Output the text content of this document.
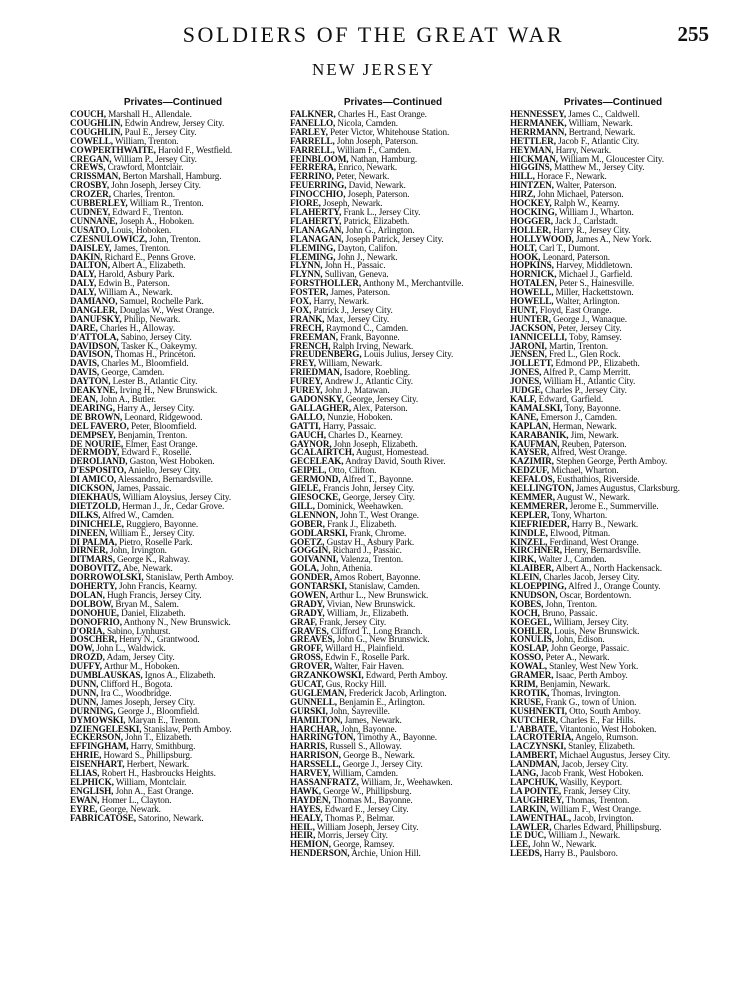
SOLDIERS OF THE GREAT WAR	255
NEW JERSEY
Privates—Continued
COUCH, Marshall H., Allendale.
COUGHLIN, Edwin Andrew, Jersey City.
COUGHLIN, Paul E., Jersey City.
COWELL, William, Trenton.
COWPERTHWAITE, Harold F., Westfield.
CREGAN, William P., Jersey City.
CREWS, Crawford, Montclair.
CRISSMAN, Berton Marshall, Hamburg.
CROSBY, John Joseph, Jersey City.
CROZER, Charles, Trenton.
CUBBERLEY, William R., Trenton.
CUDNEY, Edward F., Trenton.
CUNNANE, Joseph A., Hoboken.
CUSATO, Louis, Hoboken.
CZESNULOWICZ, John, Trenton.
DAISLEY, James, Trenton.
DAKIN, Richard E., Penns Grove.
DALTON, Albert A., Elizabeth.
DALY, Harold, Asbury Park.
DALY, Edwin B., Paterson.
DALY, William A., Newark.
DAMIANO, Samuel, Rochelle Park.
DANGLER, Douglas W., West Orange.
DANUFSKY, Philip, Newark.
DARE, Charles H., Alloway.
D'ATTOLA, Sabino, Jersey City.
DAVIDSON, Tasker K., Oakeymy.
DAVISON, Thomas H., Princeton.
DAVIS, Charles M., Bloomfield.
DAVIS, George, Camden.
DAYTON, Lester B., Atlantic City.
DEAKYNE, Irving H., New Brunswick.
DEAN, John A., Butler.
DEARING, Harry A., Jersey City.
DE BROWN, Leonard, Ridgewood.
DEL FAVERO, Peter, Bloomfield.
DEMPSEY, Benjamin, Trenton.
DE NOURIE, Elmer, East Orange.
DERMODY, Edward F., Roselle.
DEROLIAND, Gaston, West Hoboken.
D'ESPOSITO, Aniello, Jersey City.
DI AMICO, Alessandro, Bernardsville.
DICKSON, James, Passaic.
DIEKHAUS, William Aloysius, Jersey City.
DIETZOLD, Herman J., Jr., Cedar Grove.
DILKS, Alfred W., Camden.
DINICHELE, Ruggiero, Bayonne.
DINEEN, William E., Jersey City.
DI PALMA, Pietro, Roselle Park.
DIRNER, John, Irvington.
DITMARS, George K., Rahway.
DOBOVITZ, Abe, Newark.
DORROWOLSKI, Stanislaw, Perth Amboy.
DOHERTY, John Francis, Kearny.
DOLAN, Hugh Francis, Jersey City.
DOLBOW, Bryan M., Salem.
DONOHUE, Daniel, Elizabeth.
DONOFRIO, Anthony N., New Brunswick.
D'ORIA, Sabino, Lynhurst.
DOSCHER, Henry N., Grantwood.
DOW, John L., Waldwick.
DROZD, Adam, Jersey City.
DUFFY, Arthur M., Hoboken.
DUMBLAUSKAS, Ignos A., Elizabeth.
DUNN, Clifford H., Bogota.
DUNN, Ira C., Woodbridge.
DUNN, James Joseph, Jersey City.
DURNING, George J., Bloomfield.
DYMOWSKI, Maryan E., Trenton.
DZIENGELESKI, Stanislaw, Perth Amboy.
ECKERSON, John T., Elizabeth.
EFFINGHAM, Harry, Smithburg.
EHRIE, Howard S., Phillipsburg.
EISENHART, Herbert, Newark.
ELIAS, Robert H., Hasbroucks Heights.
ELPHICK, William, Montclair.
ENGLISH, John A., East Orange.
EWAN, Homer L., Clayton.
EYRE, George, Newark.
FABRICATOSE, Satorino, Newark.
Privates—Continued
FALKNER, Charles H., East Orange.
FANELLO, Nicola, Camden.
FARLEY, Peter Victor, Whitehouse Station.
FARRELL, John Joseph, Paterson.
FARRELL, William F., Camden.
FEINBLOOM, Nathan, Hamburg.
FERRERA, Enrico, Newark.
FERRINO, Peter, Newark.
FEUERRING, David, Newark.
FINOCCHIO, Joseph, Paterson.
FIORE, Joseph, Newark.
FLAHERTY, Frank L., Jersey City.
FLAHERTY, Patrick, Elizabeth.
FLANAGAN, John G., Arlington.
FLANAGAN, Joseph Patrick, Jersey City.
FLEMING, Dayton, Califon.
FLEMING, John J., Newark.
FLYNN, John H., Passaic.
FLYNN, Sullivan, Geneva.
FORSTHOLLER, Anthony M., Merchantville.
FOSTER, James, Paterson.
FOX, Harry, Newark.
FOX, Patrick J., Jersey City.
FRANK, Max, Jersey City.
FRECH, Raymond C., Camden.
FREEMAN, Frank, Bayonne.
FRENCH, Ralph Irving, Newark.
FREUDENBERG, Louis Julius, Jersey City.
FREY, William, Newark.
FRIEDMAN, Isadore, Roebling.
FUREY, Andrew J., Atlantic City.
FUREY, John J., Matawan.
GADONSKY, George, Jersey City.
GALLAGHER, Alex, Paterson.
GALLO, Nunzie, Hoboken.
GATTI, Harry, Passaic.
GAUCH, Charles D., Kearney.
GAYNOR, John Joseph, Elizabeth.
GCALAIRTCH, August, Homestead.
GECELEAK, Andray David, South River.
GEIPEL, Otto, Clifton.
GERMOND, Alfred T., Bayonne.
GIELE, Francis John, Jersey City.
GIESOCKE, George, Jersey City.
GILL, Dominick, Weehawken.
GLENNON, John T., West Orange.
GOBER, Frank J., Elizabeth.
GODLARSKI, Frank, Chrome.
GOETZ, Gustav H., Asbury Park.
GOGGIN, Richard J., Passaic.
GOIVANNI, Valenza, Trenton.
GOLA, John, Athenia.
GONDER, Amos Robert, Bayonne.
GONTARSKI, Stanislaw, Camden.
GOWEN, Arthur L., New Brunswick.
GRADY, Vivian, New Brunswick.
GRADY, William, Jr., Elizabeth.
GRAF, Frank, Jersey City.
GRAVES, Clifford T., Long Branch.
GREAVES, John G., New Brunswick.
GROFF, Willard H., Plainfield.
GROSS, Edwin F., Roselle Park.
GROVER, Walter, Fair Haven.
GRZANKOWSKI, Edward, Perth Amboy.
GUCAT, Gus, Rocky Hill.
GUGLEMAN, Frederick Jacob, Arlington.
GUNNELL, Benjamin E., Arlington.
GURSKI, John, Sayreville.
HAMILTON, James, Newark.
HARCHAR, John, Bayonne.
HARRINGTON, Timothy A., Bayonne.
HARRIS, Russell S., Alloway.
HARRISON, George B., Newark.
HARSSELL, George J., Jersey City.
HARVEY, William, Camden.
HASSANFRATZ, William, Jr., Weehawken.
HAWK, George W., Phillipsburg.
HAYDEN, Thomas M., Bayonne.
HAYES, Edward E., Jersey City.
HEALY, Thomas P., Belmar.
HEIL, William Joseph, Jersey City.
HEIR, Morris, Jersey City.
HEMION, George, Ramsey.
HENDERSON, Archie, Union Hill.
Privates—Continued
HENNESSEY, James C., Caldwell.
HERMANEK, William, Newark.
HERRMANN, Bertrand, Newark.
HETTLER, Jacob F., Atlantic City.
HEYMAN, Harry, Newark.
HICKMAN, William M., Gloucester City.
HIGGINS, Matthew M., Jersey City.
HILL, Horace F., Newark.
HINTZEN, Walter, Paterson.
HIRZ, John Michael, Paterson.
HOCKEY, Ralph W., Kearny.
HOCKING, William J., Wharton.
HOGGER, Jack J., Carlstadt.
HOLLER, Harry R., Jersey City.
HOLLYWOOD, James A., New York.
HOLT, Carl T., Dumont.
HOOK, Leonard, Paterson.
HOPKINS, Harvey, Middletown.
HORNICK, Michael J., Garfield.
HOTALEN, Peter S., Hainesville.
HOWELL, Miller, Hackettstown.
HOWELL, Walter, Arlington.
HUNT, Floyd, East Orange.
HUNTER, George J., Wanaque.
JACKSON, Peter, Jersey City.
IANNICELLI, Toby, Ramsey.
JARONI, Martin, Trenton.
JENSEN, Fred L., Glen Rock.
JOLLETT, Edmond PP., Elizabeth.
JONES, Alfred P., Camp Merritt.
JONES, William H., Atlantic City.
JUDGE, Charles P., Jersey City.
KALF, Edward, Garfield.
KAMALSKI, Tony, Bayonne.
KANE, Emerson J., Camden.
KAPLAN, Herman, Newark.
KARABANIK, Jim, Newark.
KAUFMAN, Reuben, Paterson.
KAYSER, Alfred, West Orange.
KAZIMIR, Stephen George, Perth Amboy.
KEDZUF, Michael, Wharton.
KEFALOS, Eusthathios, Riverside.
KELLINGTON, James Augustus, Clarksburg.
KEMMER, August W., Newark.
KEMMERER, Jerome E., Summerville.
KEPLER, Tony, Wharton.
KIEFRIEDER, Harry B., Newark.
KINDLE, Elwood, Pitman.
KINZEL, Ferdinand, West Orange.
KIRCHNER, Henry, Bernardsville.
KIRK, Walter J., Camden.
KLAIBER, Albert A., North Hackensack.
KLEIN, Charles Jacob, Jersey City.
KLOEPPING, Alfred J., Orange County.
KNUDSON, Oscar, Bordentown.
KOBES, John, Trenton.
KOCH, Bruno, Passaic.
KOEGEL, William, Jersey City.
KOHLER, Louis, New Brunswick.
KONULIS, John, Edison.
KOSLAP, John George, Passaic.
KOSSO, Peter A., Newark.
KOWAL, Stanley, West New York.
GRAMER, Isaac, Perth Amboy.
KRIM, Benjamin, Newark.
KROTIK, Thomas, Irvington.
KRUSE, Frank G., town of Union.
KUSHNEKTI, Otto, South Amboy.
KUTCHER, Charles E., Far Hills.
L'ABBATE, Vitantonio, West Hoboken.
LACROTERIA, Angelo, Rumson.
LACZYNSKI, Stanley, Elizabeth.
LAMBERT, Michael Augustus, Jersey City.
LANDMAN, Jacob, Jersey City.
LANG, Jacob Frank, West Hoboken.
LAPCHUK, Wasilly, Keyport.
LA POINTE, Frank, Jersey City.
LAUGHREY, Thomas, Trenton.
LARKIN, William F., West Orange.
LAWENTHAL, Jacob, Irvington.
LAWLER, Charles Edward, Phillipsburg.
LE DUC, William J., Newark.
LEE, John W., Newark.
LEEDS, Harry B., Paulsboro.
